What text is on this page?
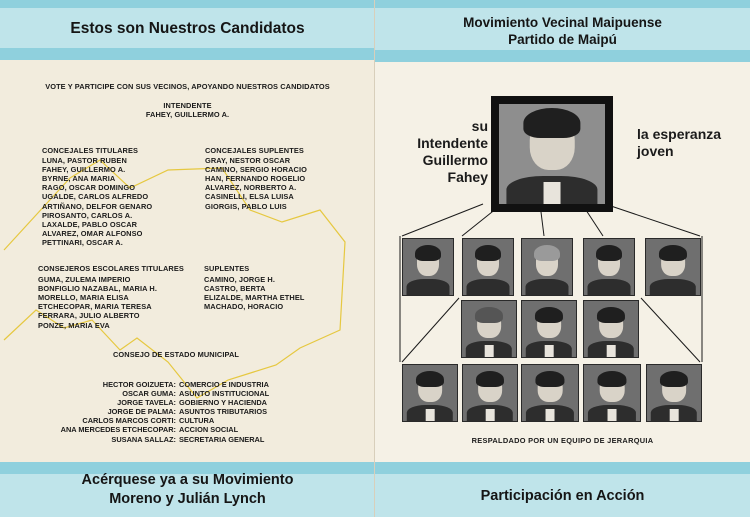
Estos son Nuestros Candidatos
VOTE Y PARTICIPE CON SUS VECINOS, APOYANDO NUESTROS CANDIDATOS
INTENDENTE
FAHEY, GUILLERMO A.
CONCEJALES TITULARES
LUNA, PASTOR RUBEN
FAHEY, GUILLERMO A.
BYRNE, ANA MARIA
RAGO, OSCAR DOMINGO
UGALDE, CARLOS ALFREDO
ARTIÑANO, DELFOR GENARO
PIROSANTO, CARLOS A.
LAXALDE, PABLO OSCAR
ALVAREZ, OMAR ALFONSO
PETTINARI, OSCAR A.
CONCEJALES SUPLENTES
GRAY, NESTOR OSCAR
CAMINO, SERGIO HORACIO
HAN, FERNANDO ROGELIO
ALVAREZ, NORBERTO A.
CASINELLI, ELSA LUISA
GIORGIS, PABLO LUIS
CONSEJEROS ESCOLARES TITULARES
GUMA, ZULEMA IMPERIO
BONFIGLIO NAZABAL, MARIA H.
MORELLO, MARIA ELISA
ETCHECOPAR, MARIA TERESA
FERRARA, JULIO ALBERTO
PONZE, MARIA EVA
SUPLENTES
CAMINO, JORGE H.
CASTRO, BERTA
ELIZALDE, MARTHA ETHEL
MACHADO, HORACIO
CONSEJO DE ESTADO MUNICIPAL
HECTOR GOIZUETA: COMERCIO E INDUSTRIA
OSCAR GUMA: ASUNTO INSTITUCIONAL
JORGE TAVELA: GOBIERNO Y HACIENDA
JORGE DE PALMA: ASUNTOS TRIBUTARIOS
CARLOS MARCOS CORTI: CULTURA
ANA MERCEDES ETCHECOPAR: ACCION SOCIAL
SUSANA SALLAZ: SECRETARIA GENERAL
Acérquese ya a su Movimiento
Moreno y Julián Lynch
Movimiento Vecinal Maipuense
Partido de Maipú
su
Intendente
Guillermo
Fahey
la esperanza
joven
RESPALDADO POR UN EQUIPO DE JERARQUIA
Participación en Acción
